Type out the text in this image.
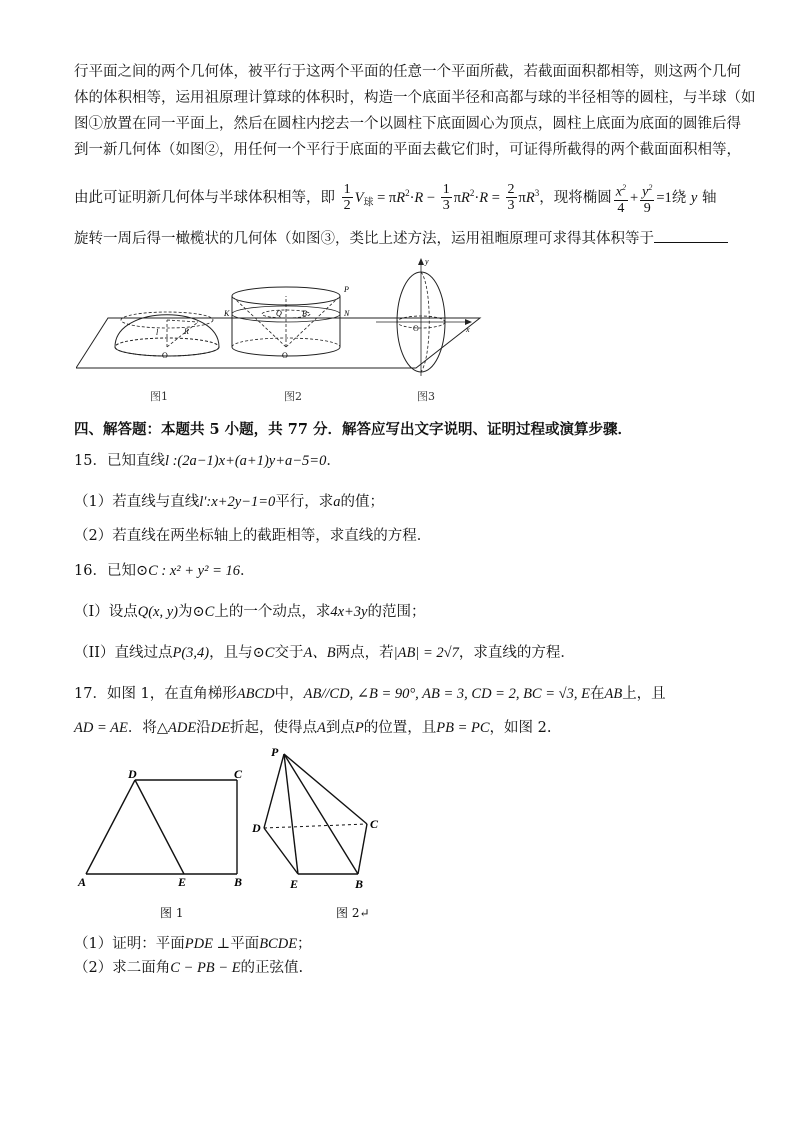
行平面之间的两个几何体，被平行于这两个平面的任意一个平面所截，若截面面积都相等，则这两个几何
体的体积相等，运用祖原理计算球的体积时，构造一个底面半径和高都与球的半径相等的圆柱，与半球（如
图①放置在同一平面上，然后在圆柱内挖去一个以圆柱下底面圆心为顶点，圆柱上底面为底面的圆锥后得
到一新几何体（如图②，用任何一个平行于底面的平面去截它们时，可证得所截得的两个截面面积相等，
由此可证明新几何体与半球体积相等，即 $\frac{1}{2} V_球 = \pi R^2\cdot R - \frac{1}{3} \pi R^2\cdot R = \frac{2}{3} \pi R^3$，现将椭圆 $\frac{x^2}{4} + \frac{y^2}{9} =1$绕 y 轴
旋转一周后得一橄榄状的几何体（如图③，类比上述方法，运用祖暅原理可求得其体积等于
O
R
l
O
P
N
K	B
Q
y
x
O
图1	图2	图3
四、解答题：本题共 5 小题，共 77 分．解答应写出文字说明、证明过程或演算步骤．
15．已知直线l :(2a−1)x+(a+1)y+a−5=0．
（1）若直线与直线l′:x+2y−1=0平行，求a的值；
（2）若直线在两坐标轴上的截距相等，求直线的方程．
16．已知⊙C : x² + y² = 16．
（I）设点Q(x, y)为⊙C上的一个动点，求4x+3y的范围；
（II）直线过点P(3,4)，且与⊙C交于A、B两点，若|AB| = 2√7，求直线的方程．
17．如图 1，在直角梯形ABCD中，AB//CD, ∠B = 90°, AB = 3, CD = 2, BC = √3, E在AB上，且
AD = AE．将△ADE沿DE折起，使得点A到点P的位置，且PB = PC，如图 2.
D	C
A	E	B
P
D	C
E	B
图 1	图 2↵
（1）证明：平面PDE ⊥平面BCDE；
（2）求二面角C − PB − E的正弦值.
